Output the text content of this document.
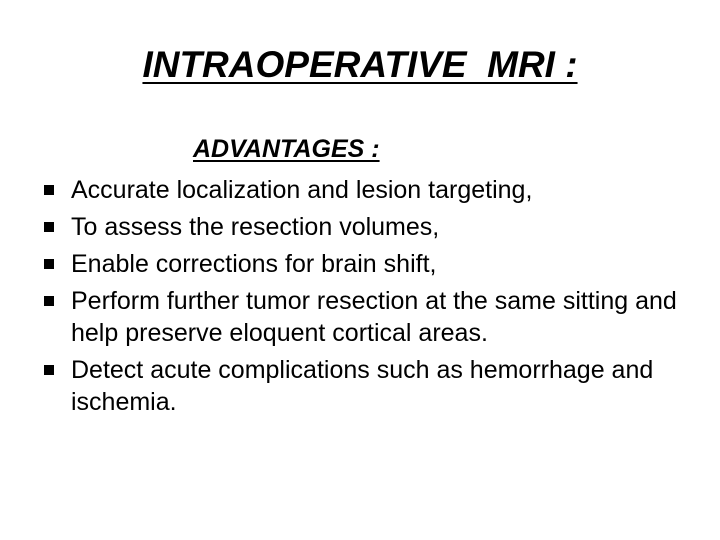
INTRAOPERATIVE  MRI :
ADVANTAGES :
Accurate localization and lesion targeting,
To assess the resection volumes,
Enable corrections for brain shift,
Perform further tumor resection at the same sitting and help preserve eloquent cortical areas.
Detect acute complications such as hemorrhage and ischemia.
